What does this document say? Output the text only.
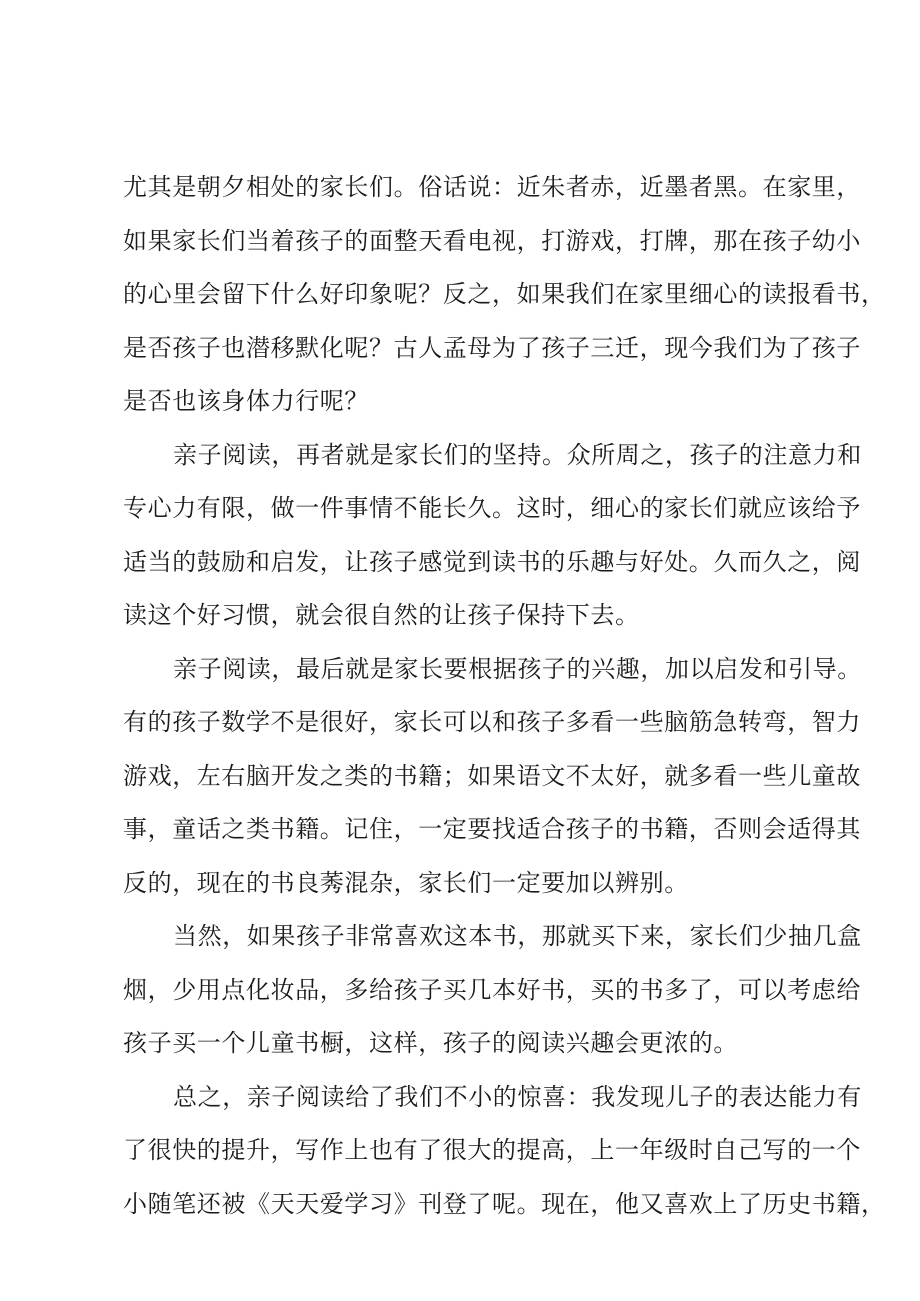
尤其是朝夕相处的家长们。俗话说：近朱者赤，近墨者黑。在家里，
如果家长们当着孩子的面整天看电视，打游戏，打牌，那在孩子幼小
的心里会留下什么好印象呢？反之，如果我们在家里细心的读报看书，
是否孩子也潜移默化呢？古人孟母为了孩子三迁，现今我们为了孩子
是否也该身体力行呢？
亲子阅读，再者就是家长们的坚持。众所周之，孩子的注意力和
专心力有限，做一件事情不能长久。这时，细心的家长们就应该给予
适当的鼓励和启发，让孩子感觉到读书的乐趣与好处。久而久之，阅
读这个好习惯，就会很自然的让孩子保持下去。
亲子阅读，最后就是家长要根据孩子的兴趣，加以启发和引导。
有的孩子数学不是很好，家长可以和孩子多看一些脑筋急转弯，智力
游戏，左右脑开发之类的书籍；如果语文不太好，就多看一些儿童故
事，童话之类书籍。记住，一定要找适合孩子的书籍，否则会适得其
反的，现在的书良莠混杂，家长们一定要加以辨别。
当然，如果孩子非常喜欢这本书，那就买下来，家长们少抽几盒
烟，少用点化妆品，多给孩子买几本好书，买的书多了，可以考虑给
孩子买一个儿童书橱，这样，孩子的阅读兴趣会更浓的。
总之，亲子阅读给了我们不小的惊喜：我发现儿子的表达能力有
了很快的提升，写作上也有了很大的提高，上一年级时自己写的一个
小随笔还被《天天爱学习》刊登了呢。现在，他又喜欢上了历史书籍，
